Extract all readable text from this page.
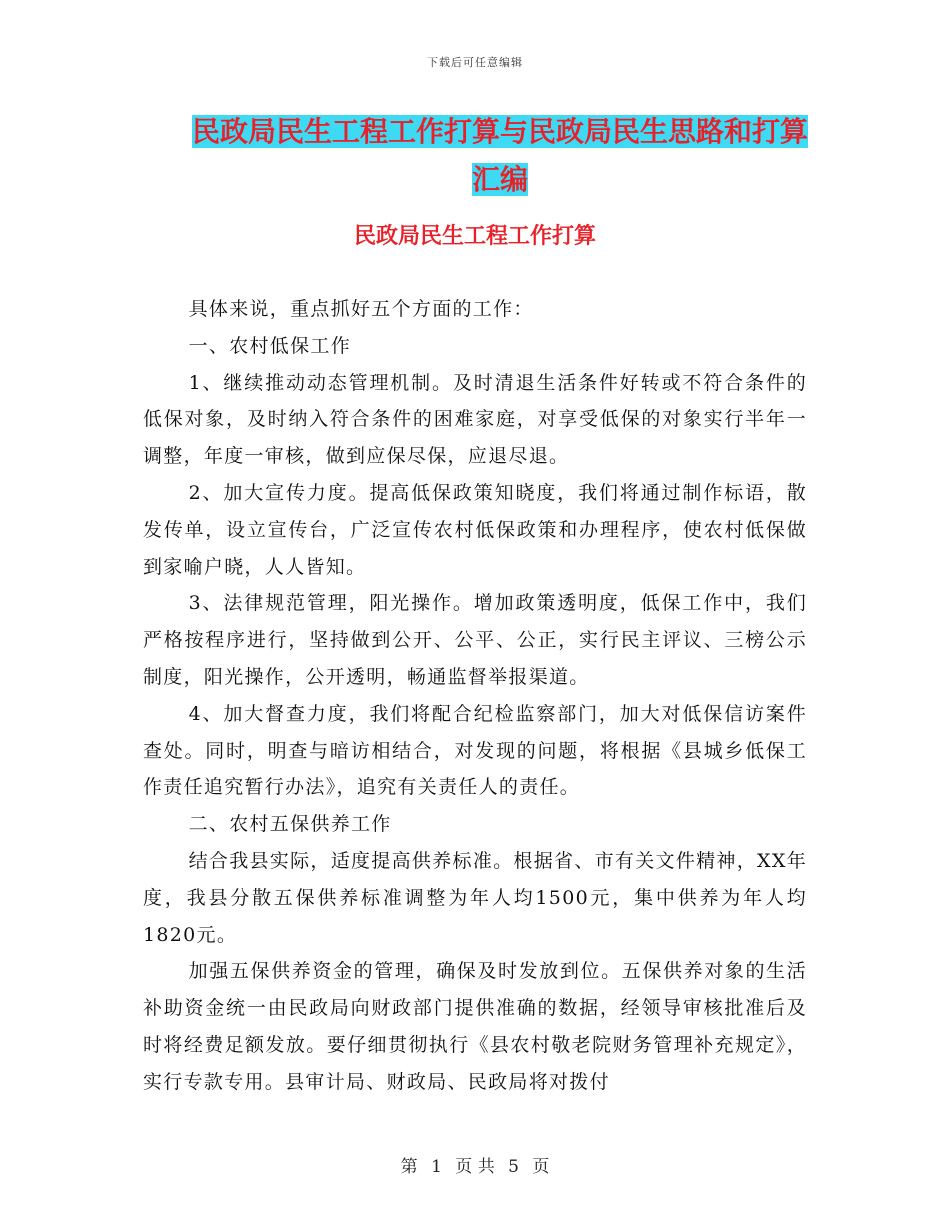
下载后可任意编辑
民政局民生工程工作打算与民政局民生思路和打算汇编
民政局民生工程工作打算

具体来说，重点抓好五个方面的工作：

一、农村低保工作

1、继续推动动态管理机制。及时清退生活条件好转或不符合条件的低保对象，及时纳入符合条件的困难家庭，对享受低保的对象实行半年一调整，年度一审核，做到应保尽保，应退尽退。

2、加大宣传力度。提高低保政策知晓度，我们将通过制作标语，散发传单，设立宣传台，广泛宣传农村低保政策和办理程序，使农村低保做到家喻户晓，人人皆知。

3、法律规范管理，阳光操作。增加政策透明度，低保工作中，我们严格按程序进行，坚持做到公开、公平、公正，实行民主评议、三榜公示制度，阳光操作，公开透明，畅通监督举报渠道。

4、加大督查力度，我们将配合纪检监察部门，加大对低保信访案件查处。同时，明查与暗访相结合，对发现的问题，将根据《县城乡低保工作责任追究暂行办法》，追究有关责任人的责任。

二、农村五保供养工作

结合我县实际，适度提高供养标准。根据省、市有关文件精神，XX年度，我县分散五保供养标准调整为年人均1500元，集中供养为年人均1820元。

加强五保供养资金的管理，确保及时发放到位。五保供养对象的生活补助资金统一由民政局向财政部门提供准确的数据，经领导审核批准后及时将经费足额发放。要仔细贯彻执行《县农村敬老院财务管理补充规定》，实行专款专用。县审计局、财政局、民政局将对拨付

第 1 页 共 5 页
